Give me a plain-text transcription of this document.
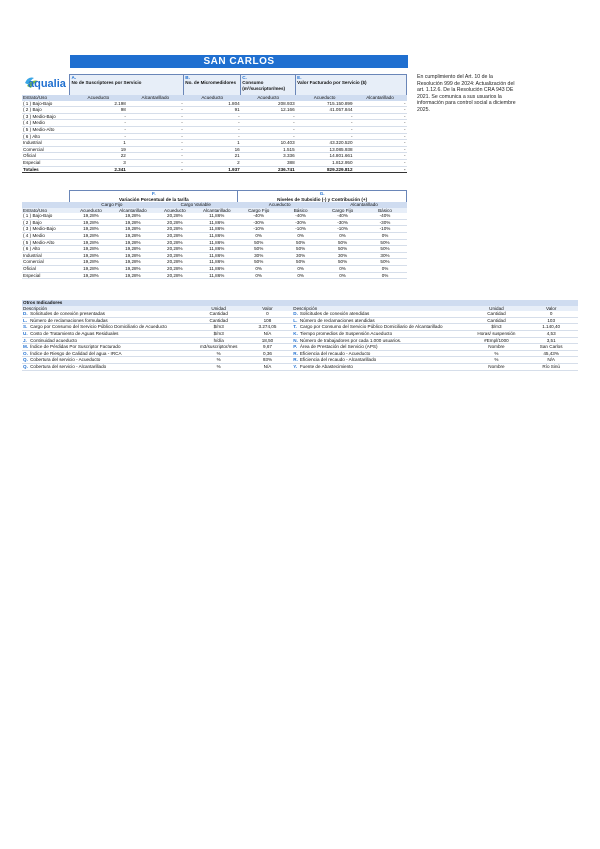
SAN CARLOS
aqualia
En cumplimiento del Art. 10 de la Resolución 999 de 2024: Actualización del art. 1.12.6. De la Resolución CRA 943 DE 2021. Se comunica a sus usuarios la información para control social a diciembre 2025.
	A.
No de Suscriptores por Servicio		B.
No. de Micromedidores	C.
Consumo (m³/suscriptor/mes)	E.
Valor Facturado por Servicio ($)	
Estrato/Uso	Acueducto	Alcantarillado	Acueducto	Acueducto	Acueducto	Alcantarillado
( 1 ) Bajo-Bajo	2.198	-	1.804	208.933	715.150.899	-
( 2 ) Bajo	98	-	91	12.166	41.057.844	-
( 3 ) Medio-Bajo	-	-	-	-	-	-
( 4 ) Medio	-	-	-	-	-	-
( 5 ) Medio-Alto	-	-	-	-	-	-
( 6 ) Alto	-	-	-	-	-	-
Industrial	1	-	1	10.403	43.320.520	-
Comercial	19	-	16	1.515	13.085.938	-
Oficial	22	-	21	3.336	14.801.661	-
Especial	3	-	2	388	1.812.950	-
Totales	2.341	-	1.937	236.741	829.229.812	-
	F.
Variación Porcentual de la tarifa				G.
Niveles de Subsidio (-) y Contribución (+)			
	Cargo Fijo		Cargo Variable		Acueducto		Alcantarillado	
Estrato/Uso	Acueducto	Alcantarillado	Acueducto	Alcantarillado	Cargo Fijo	Básico	Cargo Fijo	Básico
( 1 ) Bajo-Bajo	19,28%	19,28%	20,28%	11,86%	-40%	-40%	-40%	-40%
( 2 ) Bajo	19,28%	19,28%	20,28%	11,86%	-30%	-30%	-30%	-30%
( 3 ) Medio-Bajo	19,28%	19,28%	20,28%	11,86%	-10%	-10%	-10%	-10%
( 4 ) Medio	19,28%	19,28%	20,28%	11,86%	0%	0%	0%	0%
( 5 ) Medio-Alto	19,28%	19,28%	20,28%	11,86%	50%	50%	50%	50%
( 6 ) Alto	19,28%	19,28%	20,28%	11,86%	50%	50%	50%	50%
Industrial	19,28%	19,28%	20,28%	11,86%	30%	30%	30%	30%
Comercial	19,28%	19,28%	20,28%	11,86%	50%	50%	50%	50%
Oficial	19,28%	19,28%	20,28%	11,86%	0%	0%	0%	0%
Especial	19,28%	19,28%	20,28%	11,86%	0%	0%	0%	0%
Otros Indicadores							
Descripción		Unidad	Valor	Descripción		Unidad	Valor
D.	Solicitudes de conexión presentadas	Cantidad	0	D.	Solicitudes de conexión atendidas	Cantidad	0
L.	Número de reclamaciones formuladas	Cantidad	108	L.	Número de reclamaciones atendidas	Cantidad	103
S.	Cargo por Consumo del Servicio Público Domiciliario de Acueducto	$/m3	3.274,05	T.	Cargo por Consumo del Servicio Público Domiciliario de Alcantarillado	$/m3	1.140,40
U.	Costo de Tratamiento de Aguas Residuales	$/m3	N/A	K.	Tiempo promedios de Suspensión Acueducto	Horas/ suspensión	4,53
J.	Continuidad acueducto	h/día	18,50	N.	Número de trabajadores por cada 1.000 usuarios.	#Empl/1000	3,51
M.	Índice de Pérdidas Por Suscriptor Facturado	m3/suscriptor/mes	9,67	P.	Área de Prestación del Servicio (APS)	Nombre	San Carlos
O.	Índice de Riesgo de Calidad del agua - IRCA	%	0,36	R.	Eficiencia del recaudo - Acueducto	%	45,43%
Q.	Cobertura del servicio - Acueducto	%	93%	R.	Eficiencia del recaudo - Alcantarillado	%	N/A
Q.	Cobertura del servicio - Alcantarillado	%	N/A	Y.	Fuente de Abastecimiento	Nombre	Río Sinú
